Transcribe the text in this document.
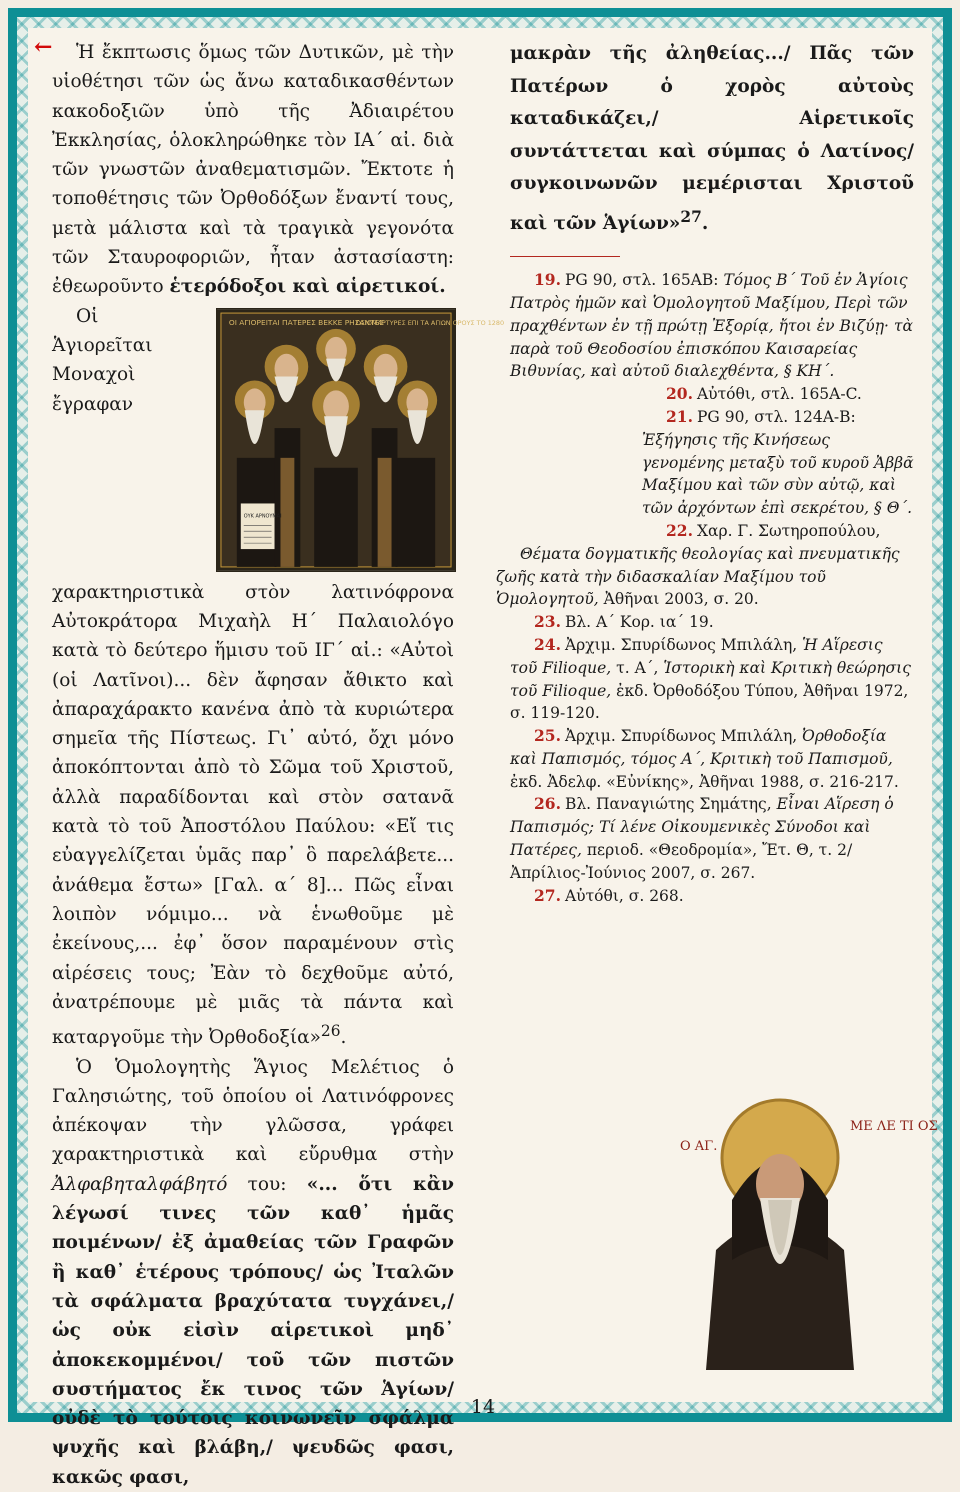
←	Ἡ ἔκπτωσις ὅμως τῶν Δυτικῶν, μὲ τὴν υἱοθέτησι τῶν ὡς ἄνω καταδικασθέντων κακοδοξιῶν ὑπὸ τῆς Ἀδιαιρέτου Ἐκκλησίας, ὁλοκληρώθηκε τὸν ΙΑ´ αἰ. διὰ τῶν γνωστῶν ἀναθεματισμῶν. Ἔκτοτε ἡ τοποθέτησις τῶν Ὀρθοδόξων ἔναντί τους, μετὰ μάλιστα καὶ τὰ τραγικὰ γεγονότα τῶν Σταυροφοριῶν, ἦταν ἀστασίαστη: ἐθεωροῦντο ἑτερόδοξοι καὶ αἱρετικοί.

ΟΙ ΑΓΙΟΡΕΙΤΑΙ ΠΑΤΕΡΕΣ ΒΕΚΚΕ ΡΗΣΑΝΤΕΣ
ΟΣΙΟΜΑΡΤΥΡΕΣ ΕΠΙ ΤΑ ΑΓΙΩΝ ΟΡΟΥΣ ΤΟ 1280
ΟΥΚ ΑΡΝΟΥΜΑΙ

Οἱ Ἁγιορεῖται Μοναχοὶ ἔγραφαν χαρακτηριστικὰ στὸν λατινόφρονα Αὐτοκράτορα Μιχαὴλ Η´ Παλαιολόγο κατὰ τὸ δεύτερο ἥμισυ τοῦ ΙΓ´ αἰ.: «Αὐτοὶ (οἱ Λατῖνοι)... δὲν ἄφησαν ἄθικτο καὶ ἀπαραχάρακτο κανένα ἀπὸ τὰ κυριώτερα σημεῖα τῆς Πίστεως. Γι᾿ αὐτό, ὄχι μόνο ἀποκόπτονται ἀπὸ τὸ Σῶμα τοῦ Χριστοῦ, ἀλλὰ παραδίδονται καὶ στὸν σατανᾶ κατὰ τὸ τοῦ Ἀποστόλου Παύλου: «Εἴ τις εὐαγγελίζεται ὑμᾶς παρ᾿ ὃ παρελάβετε... ἀνάθεμα ἔστω» [Γαλ. α´ 8]... Πῶς εἶναι λοιπὸν νόμιμο... νὰ ἑνωθοῦμε μὲ ἐκείνους,... ἐφ᾿ ὅσον παραμένουν στὶς αἱρέσεις τους; Ἐὰν τὸ δεχθοῦμε αὐτό, ἀνατρέπουμε μὲ μιᾶς τὰ πάντα καὶ καταργοῦμε τὴν Ὀρθοδοξία»$^{26}$.

Ὁ Ὁμολογητὴς Ἅγιος Μελέτιος ὁ Γαλησιώτης, τοῦ ὁποίου οἱ Λατινόφρονες ἀπέκοψαν τὴν γλῶσσα, γράφει χαρακτηριστικὰ καὶ εὔρυθμα στὴν Ἀλφαβηταλφάβητό του: «... ὅτι κἂν λέγωσί τινες τῶν καθ᾿ ἡμᾶς ποιμένων/ ἐξ ἀμαθείας τῶν Γραφῶν ἢ καθ᾿ ἑτέρους τρόπους/ ὡς Ἰταλῶν τὰ σφάλματα βραχύτατα τυγχάνει,/ ὡς οὐκ εἰσὶν αἱρετικοὶ μηδ᾿ ἀποκεκομμένοι/ τοῦ τῶν πιστῶν συστήματος ἔκ τινος τῶν Ἁγίων/ οὐδὲ τὸ τούτοις κοινωνεῖν σφάλμα ψυχῆς καὶ βλάβη,/ ψευδῶς φασι, κακῶς φασι,

μακρὰν τῆς ἀληθείας.../ Πᾶς τῶν Πατέρων ὁ χορὸς αὐτοὺς καταδικάζει,/ Αἱρετικοῖς συντάττεται καὶ σύμπας ὁ Λατίνος/ συγκοινωνῶν μεμέρισται Χριστοῦ καὶ τῶν Ἁγίων»$^{27}$.

19. PG 90, στλ. 165ΑΒ: Τόμος Β´ Τοῦ ἐν Ἁγίοις Πατρὸς ἡμῶν καὶ Ὁμολογητοῦ Μαξίμου, Περὶ τῶν πραχθέντων ἐν τῇ πρώτῃ Ἐξορίᾳ, ἤτοι ἐν Βιζύῃ· τὰ παρὰ τοῦ Θεοδοσίου ἐπισκόπου Καισαρείας Βιθυνίας, καὶ αὐτοῦ διαλεχθέντα, § ΚΗ´.

20. Αὐτόθι, στλ. 165Α-C.

21. PG 90, στλ. 124Α-Β: Ἐξήγησις τῆς Κινήσεως γενομένης μεταξὺ τοῦ κυροῦ Ἀββᾶ Μαξίμου καὶ τῶν σὺν αὐτῷ, καὶ τῶν ἀρχόντων ἐπὶ σεκρέτου, § Θ´.

22. Χαρ. Γ. Σωτηροπούλου,

Θέματα δογματικῆς θεολογίας καὶ πνευματικῆς ζωῆς κατὰ τὴν διδασκαλίαν Μαξίμου τοῦ Ὁμολογητοῦ, Ἀθῆναι 2003, σ. 20.

23. Βλ. Α´ Κορ. ια´ 19.

24. Ἀρχιμ. Σπυρίδωνος Μπιλάλη, Ἡ Αἵρεσις τοῦ Filioque, τ. Α´, Ἱστορικὴ καὶ Κριτικὴ θεώρησις τοῦ Filioque, ἐκδ. Ὀρθοδόξου Τύπου, Ἀθῆναι 1972, σ. 119-120.

25. Ἀρχιμ. Σπυρίδωνος Μπιλάλη, Ὀρθοδοξία καὶ Παπισμός, τόμος Α´, Κριτικὴ τοῦ Παπισμοῦ, ἐκδ. Ἀδελφ. «Εὐνίκης», Ἀθῆναι 1988, σ. 216-217.

26. Βλ. Παναγιώτης Σημάτης, Εἶναι Αἵρεση ὁ Παπισμός; Τί λένε Οἰκουμενικὲς Σύνοδοι καὶ Πατέρες, περιοδ. «Θεοδρομία», Ἔτ. Θ, τ. 2/Ἀπρίλιος-Ἰούνιος 2007, σ. 267.

27. Αὐτόθι, σ. 268.

Ο ΑΓ.
ΜΕ ΛΕ ΤΙ ΟΣ
14
